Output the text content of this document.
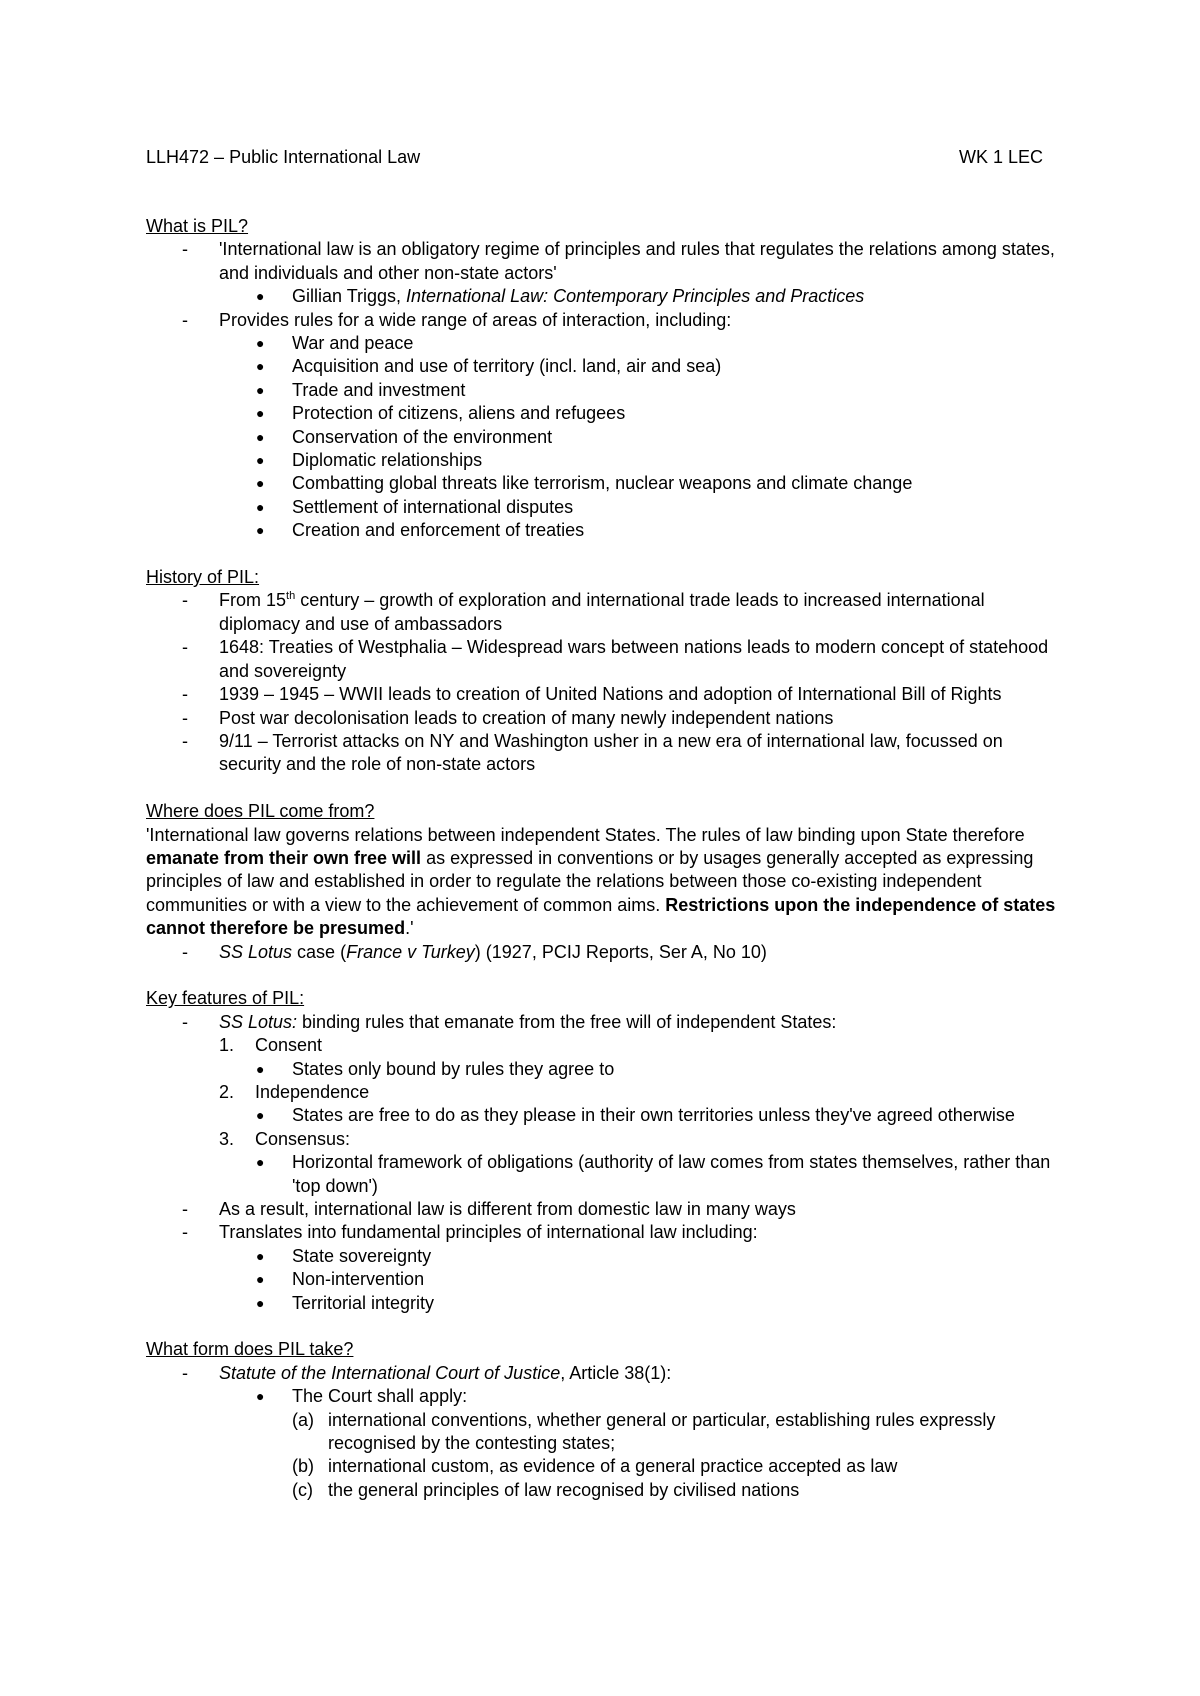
LLH472 – Public International Law	WK 1 LEC
What is PIL?
- 'International law is an obligatory regime of principles and rules that regulates the relations among states, and individuals and other non-state actors'
● Gillian Triggs, International Law: Contemporary Principles and Practices
- Provides rules for a wide range of areas of interaction, including:
● War and peace
● Acquisition and use of territory (incl. land, air and sea)
● Trade and investment
● Protection of citizens, aliens and refugees
● Conservation of the environment
● Diplomatic relationships
● Combatting global threats like terrorism, nuclear weapons and climate change
● Settlement of international disputes
● Creation and enforcement of treaties
History of PIL:
- From 15th century – growth of exploration and international trade leads to increased international diplomacy and use of ambassadors
- 1648: Treaties of Westphalia – Widespread wars between nations leads to modern concept of statehood and sovereignty
- 1939 – 1945 – WWII leads to creation of United Nations and adoption of International Bill of Rights
- Post war decolonisation leads to creation of many newly independent nations
- 9/11 – Terrorist attacks on NY and Washington usher in a new era of international law, focussed on security and the role of non-state actors
Where does PIL come from?
'International law governs relations between independent States. The rules of law binding upon State therefore emanate from their own free will as expressed in conventions or by usages generally accepted as expressing principles of law and established in order to regulate the relations between those co-existing independent communities or with a view to the achievement of common aims. Restrictions upon the independence of states cannot therefore be presumed.'
- SS Lotus case (France v Turkey) (1927, PCIJ Reports, Ser A, No 10)
Key features of PIL:
- SS Lotus: binding rules that emanate from the free will of independent States:
1. Consent
● States only bound by rules they agree to
2. Independence
● States are free to do as they please in their own territories unless they've agreed otherwise
3. Consensus:
● Horizontal framework of obligations (authority of law comes from states themselves, rather than 'top down')
- As a result, international law is different from domestic law in many ways
- Translates into fundamental principles of international law including:
● State sovereignty
● Non-intervention
● Territorial integrity
What form does PIL take?
- Statute of the International Court of Justice, Article 38(1):
● The Court shall apply:
(a) international conventions, whether general or particular, establishing rules expressly recognised by the contesting states;
(b) international custom, as evidence of a general practice accepted as law
(c) the general principles of law recognised by civilised nations
